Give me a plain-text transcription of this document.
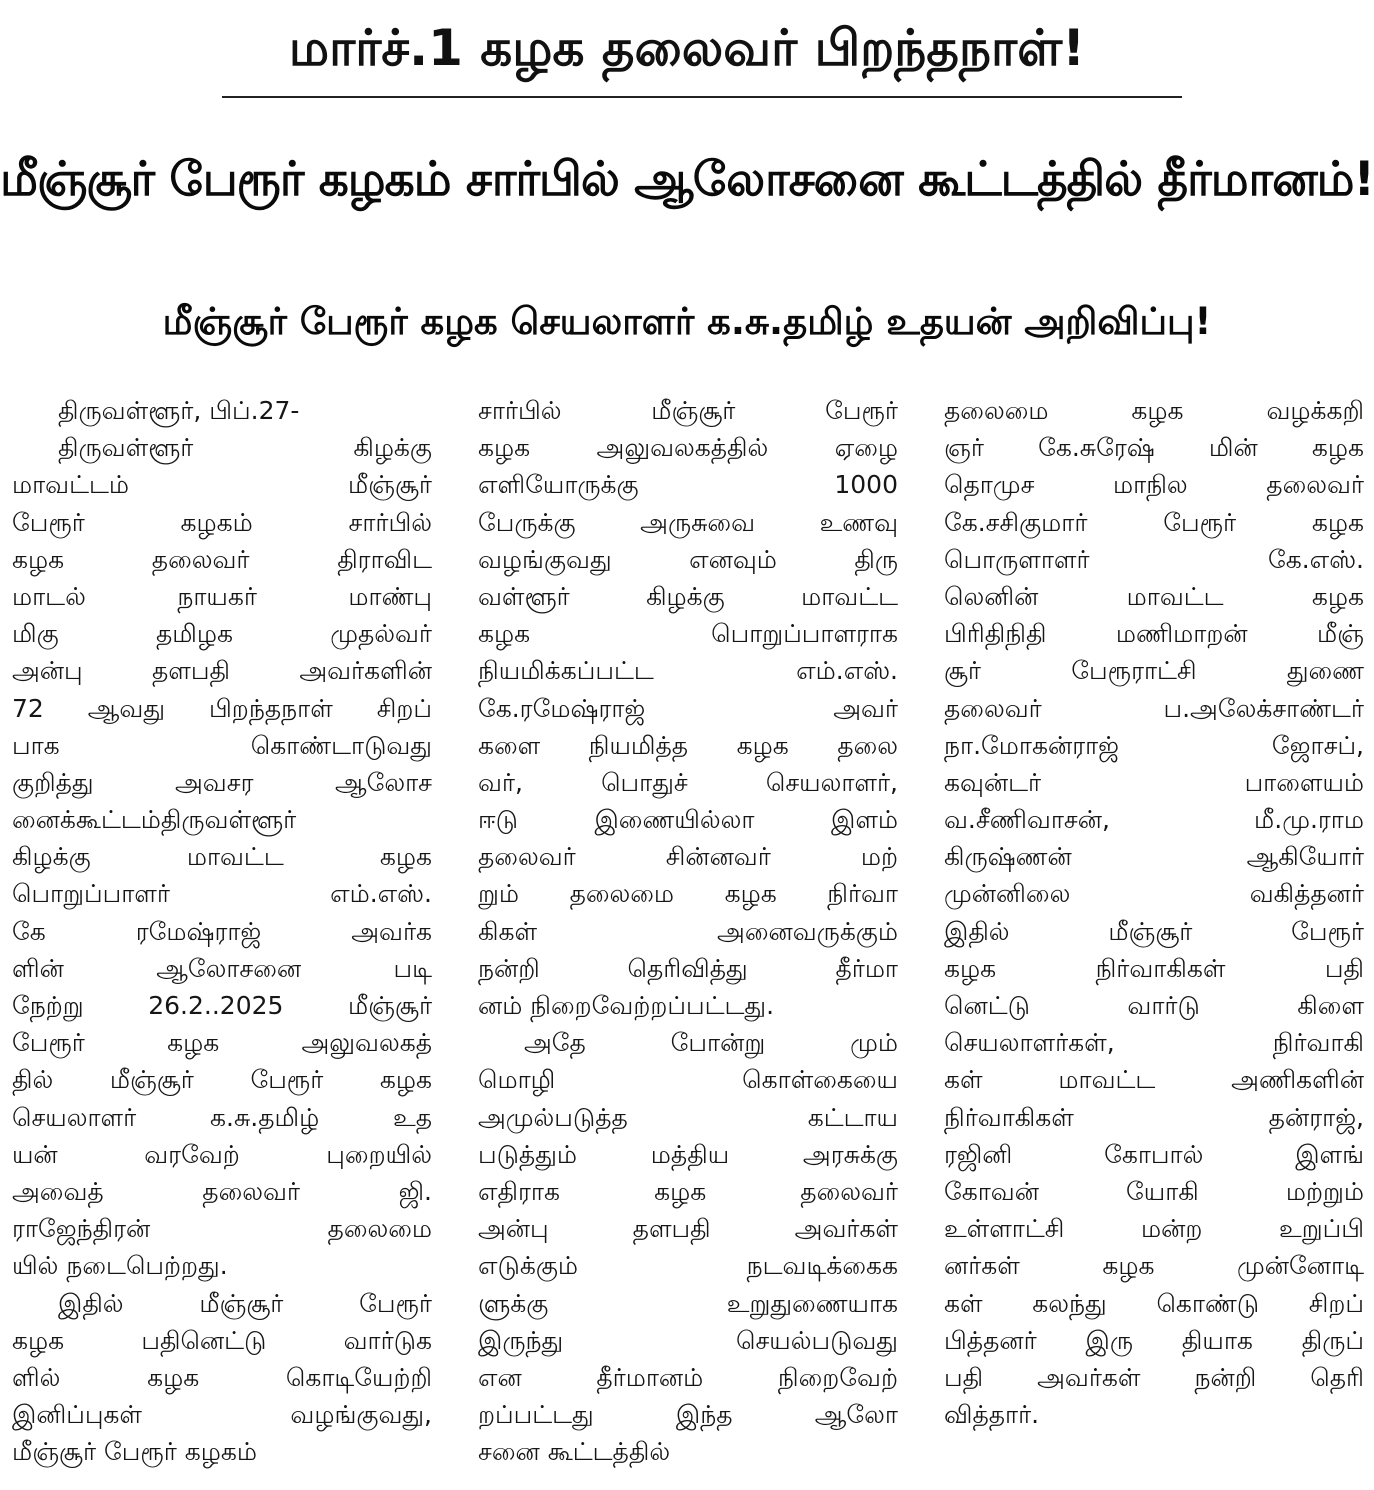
மார்ச்.1 கழக தலைவர் பிறந்தநாள்!
மீஞ்சூர் பேரூர் கழகம் சார்பில் ஆலோசனை கூட்டத்தில் தீர்மானம்!
மீஞ்சூர் பேரூர் கழக செயலாளர் க.சு.தமிழ் உதயன் அறிவிப்பு!
திருவள்ளூர், பிப்.27-
திருவள்ளூர் கிழக்கு
மாவட்டம் மீஞ்சூர்
பேரூர் கழகம் சார்பில்
கழக தலைவர் திராவிட
மாடல் நாயகர் மாண்பு
மிகு தமிழக முதல்வர்
அன்பு தளபதி அவர்களின்
72 ஆவது பிறந்தநாள் சிறப்
பாக கொண்டாடுவது
குறித்து அவசர ஆலோச
னைக்கூட்டம்திருவள்ளூர்
கிழக்கு மாவட்ட கழக
பொறுப்பாளர் எம்.எஸ்.
கே ரமேஷ்ராஜ் அவர்க
ளின் ஆலோசனை படி
நேற்று 26.2..2025 மீஞ்சூர்
பேரூர் கழக அலுவலகத்
தில் மீஞ்சூர் பேரூர் கழக
செயலாளர் க.சு.தமிழ் உத
யன் வரவேற் புறையில்
அவைத் தலைவர் ஜி.
ராஜேந்திரன் தலைமை
யில் நடைபெற்றது.
இதில் மீஞ்சூர் பேரூர்
கழக பதினெட்டு வார்டுக
ளில் கழக கொடியேற்றி
இனிப்புகள் வழங்குவது,
மீஞ்சூர் பேரூர் கழகம்
சார்பில் மீஞ்சூர் பேரூர்
கழக அலுவலகத்தில் ஏழை
எளியோருக்கு 1000
பேருக்கு அருசுவை உணவு
வழங்குவது எனவும் திரு
வள்ளூர் கிழக்கு மாவட்ட
கழக பொறுப்பாளராக
நியமிக்கப்பட்ட எம்.எஸ்.
கே.ரமேஷ்ராஜ் அவர்
களை நியமித்த கழக தலை
வர், பொதுச் செயலாளர்,
ஈடு இணையில்லா இளம்
தலைவர் சின்னவர் மற்
றும் தலைமை கழக நிர்வா
கிகள் அனைவருக்கும்
நன்றி தெரிவித்து தீர்மா
னம் நிறைவேற்றப்பட்டது.
அதே போன்று மும்
மொழி கொள்கையை
அமுல்படுத்த கட்டாய
படுத்தும் மத்திய அரசுக்கு
எதிராக கழக தலைவர்
அன்பு தளபதி அவர்கள்
எடுக்கும் நடவடிக்கைக
ளுக்கு உறுதுணையாக
இருந்து செயல்படுவது
என தீர்மானம் நிறைவேற்
றப்பட்டது இந்த ஆலோ
சனை கூட்டத்தில்
தலைமை கழக வழக்கறி
ஞர் கே.சுரேஷ் மின் கழக
தொமுச மாநில தலைவர்
கே.சசிகுமார் பேரூர் கழக
பொருளாளர் கே.எஸ்.
லெனின் மாவட்ட கழக
பிரிதிநிதி மணிமாறன் மீஞ்
சூர் பேரூராட்சி துணை
தலைவர் ப.அலேக்சாண்டர்
நா.மோகன்ராஜ் ஜோசப்,
கவுன்டர் பாளையம்
வ.சீணிவாசன், மீ.மு.ராம
கிருஷ்ணன் ஆகியோர்
முன்னிலை வகித்தனர்
இதில் மீஞ்சூர் பேரூர்
கழக நிர்வாகிகள் பதி
னெட்டு வார்டு கிளை
செயலாளர்கள், நிர்வாகி
கள் மாவட்ட அணிகளின்
நிர்வாகிகள் தன்ராஜ்,
ரஜினி கோபால் இளங்
கோவன் யோகி மற்றும்
உள்ளாட்சி மன்ற உறுப்பி
னர்கள் கழக முன்னோடி
கள் கலந்து கொண்டு சிறப்
பித்தனர் இரு தியாக திருப்
பதி அவர்கள் நன்றி தெரி
வித்தார்.
